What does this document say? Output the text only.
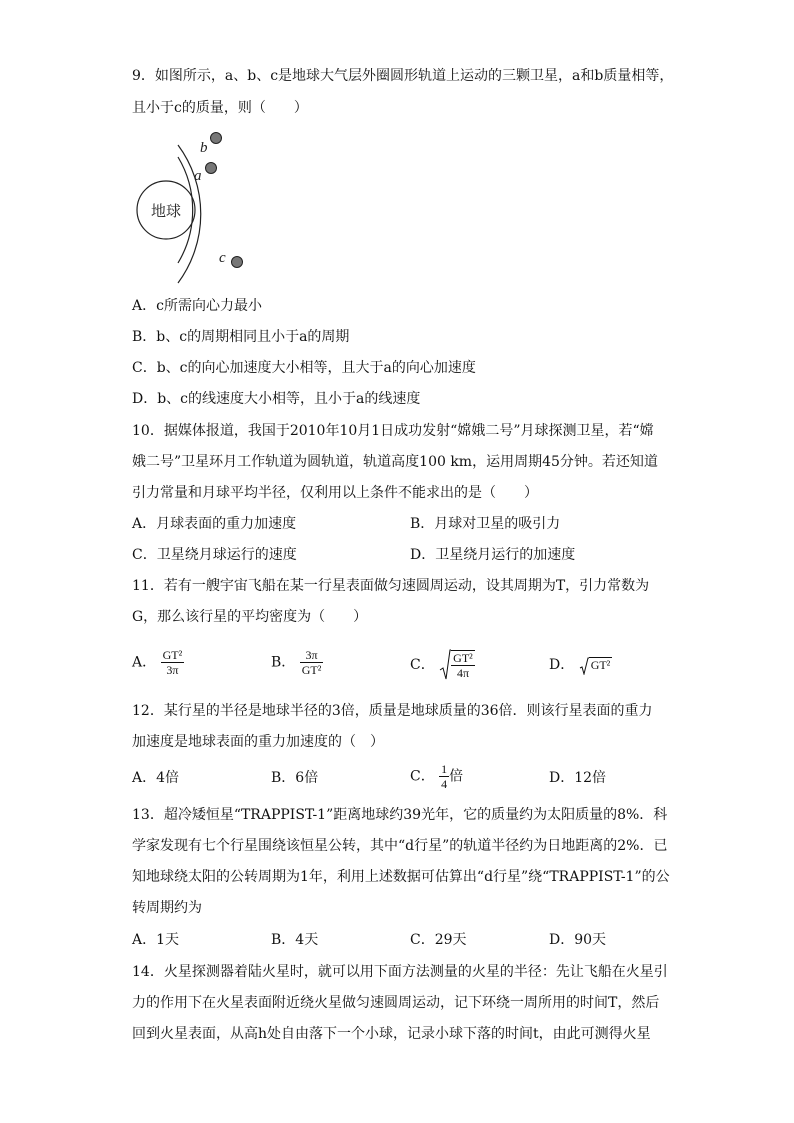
9．如图所示，a、b、c是地球大气层外圈圆形轨道上运动的三颗卫星，a和b质量相等，
且小于c的质量，则（　　）
地球
b
a
c
A．c所需向心力最小
B．b、c的周期相同且小于a的周期
C．b、c的向心加速度大小相等，且大于a的向心加速度
D．b、c的线速度大小相等，且小于a的线速度
10．据媒体报道，我国于2010年10月1日成功发射“嫦娥二号”月球探测卫星，若“嫦
娥二号”卫星环月工作轨道为圆轨道，轨道高度100 km，运用周期45分钟。若还知道
引力常量和月球平均半径，仅利用以上条件不能求出的是（　　）
A．月球表面的重力加速度	B．月球对卫星的吸引力
C．卫星绕月球运行的速度	D．卫星绕月运行的加速度
11．若有一艘宇宙飞船在某一行星表面做匀速圆周运动，设其周期为T，引力常数为
G，那么该行星的平均密度为（　　）
A． $\frac{\text{GT²}}{3\pi}$	B． $\frac{3\pi}{\text{GT²}}$	C． $\frac{\text{GT²}}{4\pi}$	D． GT²
12．某行星的半径是地球半径的3倍，质量是地球质量的36倍．则该行星表面的重力
加速度是地球表面的重力加速度的（　）
A．4倍	B．6倍	C． $\frac{1}{4}$ 倍	D．12倍
13．超冷矮恒星“TRAPPIST-1”距离地球约39光年，它的质量约为太阳质量的8%．科
学家发现有七个行星围绕该恒星公转，其中“d行星”的轨道半径约为日地距离的2%．已
知地球绕太阳的公转周期为1年，利用上述数据可估算出“d行星”绕“TRAPPIST-1”的公
转周期约为
A．1天	B．4天	C．29天	D．90天
14．火星探测器着陆火星时，就可以用下面方法测量的火星的半径：先让飞船在火星引
力的作用下在火星表面附近绕火星做匀速圆周运动，记下环绕一周所用的时间T，然后
回到火星表面，从高h处自由落下一个小球，记录小球下落的时间t，由此可测得火星
